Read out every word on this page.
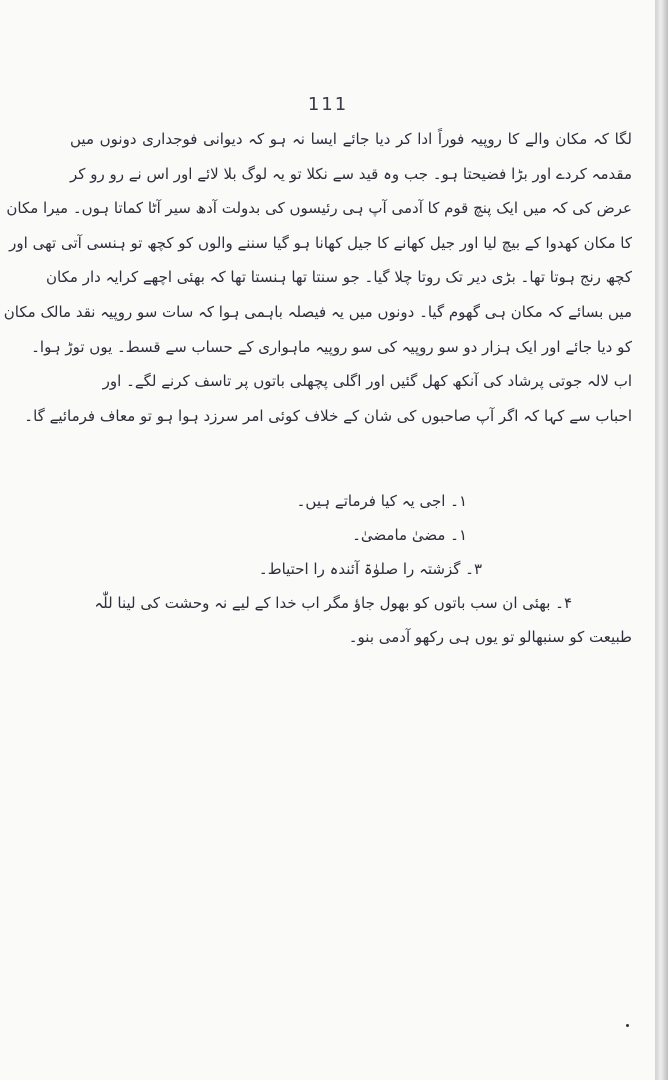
111
لگا کہ مکان والے کا روپیہ فوراً ادا کر دیا جائے ایسا نہ ہو کہ دیوانی فوجداری دونوں میں
مقدمہ کردے اور بڑا فضیحتا ہو۔ جب وہ قید سے نکلا تو یہ لوگ بلا لائے اور اس نے رو رو کر
عرض کی کہ میں ایک پنچ قوم کا آدمی آپ ہی رئیسوں کی بدولت آدھ سیر آٹا کماتا ہوں۔ میرا مکان
کا مکان کھدوا کے بیچ لیا اور جیل کھانے کا جیل کھانا ہو گیا سننے والوں کو کچھ تو ہنسی آتی تھی اور
کچھ رنج ہوتا تھا۔ بڑی دیر تک روتا چلا گیا۔ جو سنتا تھا ہنستا تھا کہ بھئی اچھے کرایہ دار مکان
میں بسائے کہ مکان ہی گھوم گیا۔ دونوں میں یہ فیصلہ باہمی ہوا کہ سات سو روپیہ نقد مالک مکان
کو دیا جائے اور ایک ہزار دو سو روپیہ کی سو روپیہ ماہواری کے حساب سے قسط۔ یوں توڑ ہوا۔
اب لالہ جوتی پرشاد کی آنکھ کھل گئیں اور اگلی پچھلی باتوں پر تاسف کرنے لگے۔ اور
احباب سے کہا کہ اگر آپ صاحبوں کی شان کے خلاف کوئی امر سرزد ہوا ہو تو معاف فرمائیے گا۔
۱۔ اجی یہ کیا فرماتے ہیں۔
۱۔ مضیٰ مامضیٰ۔
۳۔ گزشتہ را صلوٰۃ آئندہ را احتیاط۔
۴۔ بھئی ان سب باتوں کو بھول جاؤ مگر اب خدا کے لیے نہ وحشت کی لینا للّٰہ
طبیعت کو سنبھالو تو یوں ہی رکھو آدمی بنو۔
